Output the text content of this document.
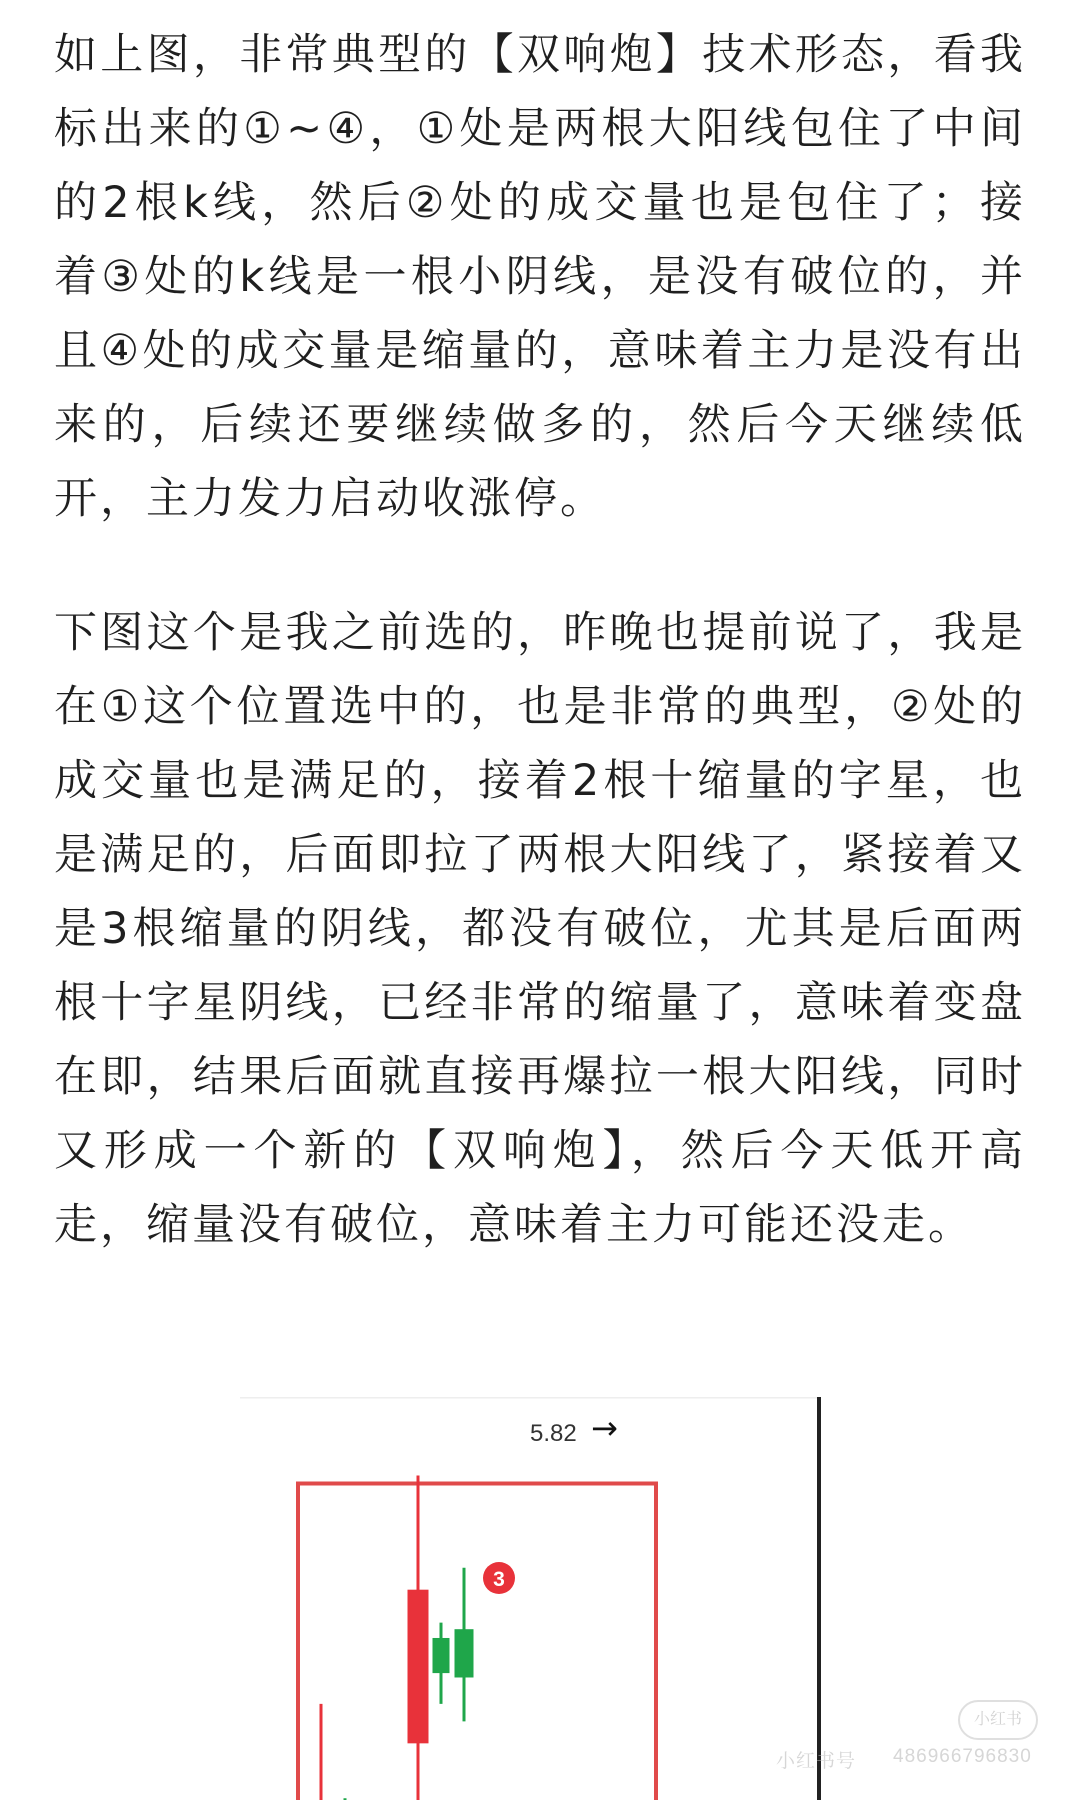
如上图，非常典型的【双响炮】技术形态，看我标出来的①~④，①处是两根大阳线包住了中间的2根k线，然后②处的成交量也是包住了；接着③处的k线是一根小阴线，是没有破位的，并且④处的成交量是缩量的，意味着主力是没有出来的，后续还要继续做多的，然后今天继续低开，主力发力启动收涨停。

下图这个是我之前选的，昨晚也提前说了，我是在①这个位置选中的，也是非常的典型，②处的成交量也是满足的，接着2根十缩量的字星，也是满足的，后面即拉了两根大阳线了，紧接着又是3根缩量的阴线，都没有破位，尤其是后面两根十字星阴线，已经非常的缩量了，意味着变盘在即，结果后面就直接再爆拉一根大阳线，同时又形成一个新的【双响炮】，然后今天低开高走，缩量没有破位，意味着主力可能还没走。

5.82 →
3
小红书
小红书号 486966796830
